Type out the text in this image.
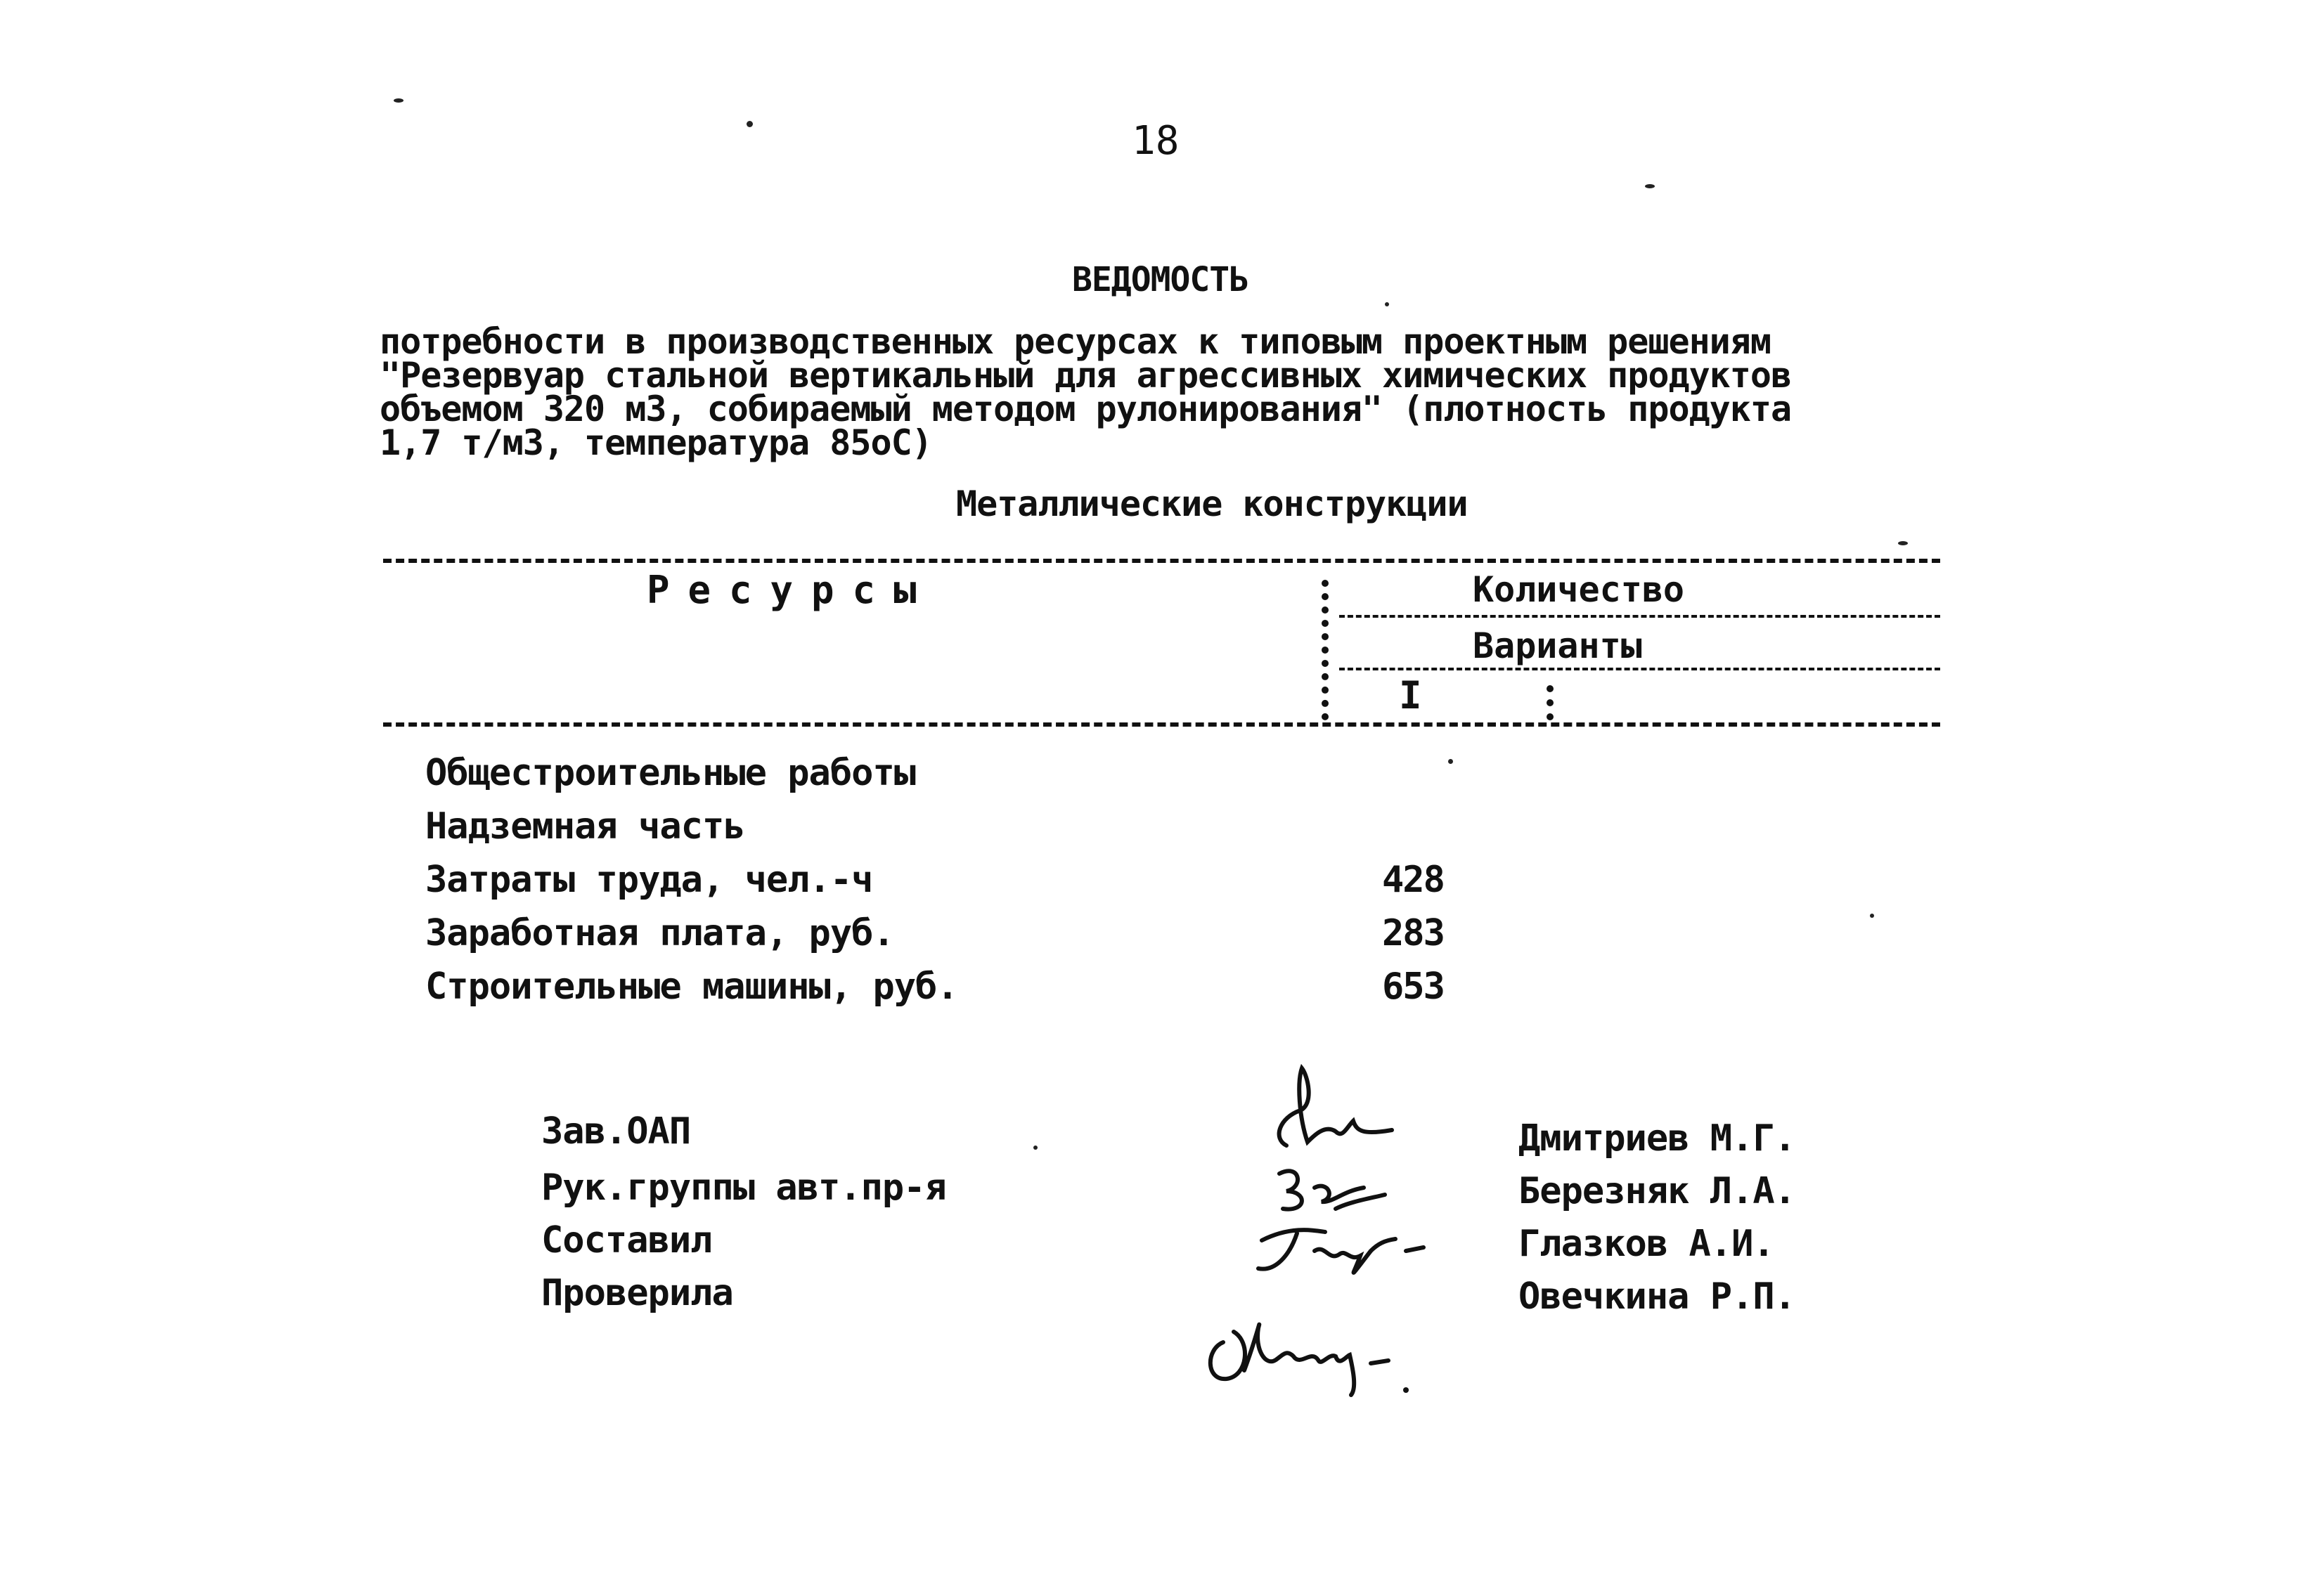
18
ВЕДОМОСТЬ
потребности в производственных ресурсах к типовым проектным решениям
"Резервуар стальной вертикальный для агрессивных химических продуктов
объемом 320 м3, собираемый методом рулонирования" (плотность продукта
1,7 т/м3, температура 85оС)
Металлические конструкции
Ресурсы	Количество
Варианты
I
Общестроительные работы
Надземная часть
Затраты труда, чел.-ч	428
Заработная плата, руб.	283
Строительные машины, руб.	653
Зав.ОАП	Дмитриев М.Г.
Рук.группы авт.пр-я	Березняк Л.А.
Составил	Глазков А.И.
Проверила	Овечкина Р.П.
